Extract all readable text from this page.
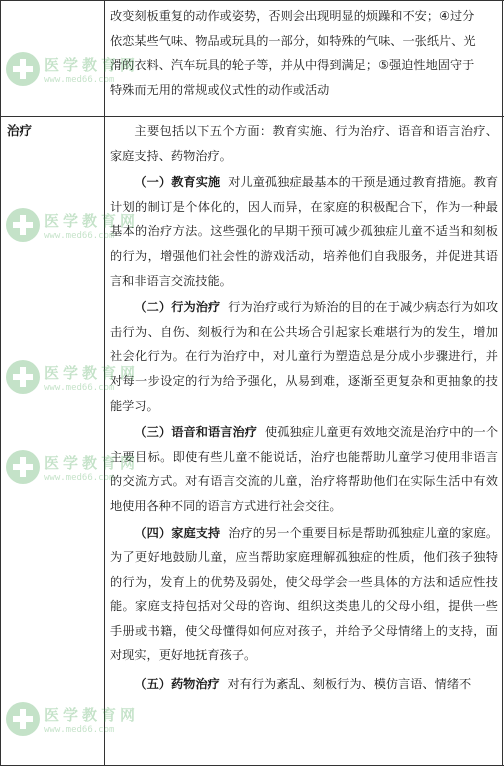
改变刻板重复的动作或姿势，否则会出现明显的烦躁和不安；④过分

依恋某些气味、物品或玩具的一部分，如特殊的气味、一张纸片、光

滑的衣料、汽车玩具的轮子等，并从中得到满足；⑤强迫性地固守于

特殊而无用的常规或仪式性的动作或活动

治疗	主要包括以下五个方面：教育实施、行为治疗、语音和语言治疗、家庭支持、药物治疗。

（一）教育实施 对儿童孤独症最基本的干预是通过教育措施。教育计划的制订是个体化的，因人而异，在家庭的积极配合下，作为一种最基本的治疗方法。这些强化的早期干预可减少孤独症儿童不适当和刻板的行为，增强他们社会性的游戏活动，培养他们自我服务，并促进其语言和非语言交流技能。

（二）行为治疗 行为治疗或行为矫治的目的在于减少病态行为如攻击行为、自伤、刻板行为和在公共场合引起家长难堪行为的发生，增加社会化行为。在行为治疗中，对儿童行为塑造总是分成小步骤进行，并对每一步设定的行为给予强化，从易到难，逐渐至更复杂和更抽象的技能学习。

（三）语音和语言治疗 使孤独症儿童更有效地交流是治疗中的一个主要目标。即使有些儿童不能说话，治疗也能帮助儿童学习使用非语言的交流方式。对有语言交流的儿童，治疗将帮助他们在实际生活中有效地使用各种不同的语言方式进行社会交往。

（四）家庭支持 治疗的另一个重要目标是帮助孤独症儿童的家庭。为了更好地鼓励儿童，应当帮助家庭理解孤独症的性质，他们孩子独特的行为，发育上的优势及弱处，使父母学会一些具体的方法和适应性技能。家庭支持包括对父母的咨询、组织这类患儿的父母小组，提供一些手册或书籍，使父母懂得如何应对孩子，并给予父母情绪上的支持，面对现实，更好地抚育孩子。

（五）药物治疗 对有行为紊乱、刻板行为、模仿言语、情绪不

医学教育网
www.med66.com
医学教育网
www.med66.com
医学教育网
www.med66.com
医学教育网
www.med66.com
医学教育网
www.med66.com
